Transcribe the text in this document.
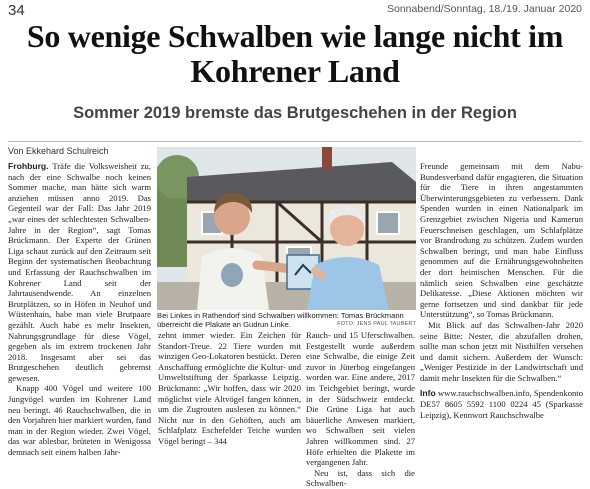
34	Sonnabend/Sonntag, 18./19. Januar 2020
So wenige Schwalben wie lange nicht im Kohrener Land
Sommer 2019 bremste das Brutgeschehen in der Region
Von Ekkehard Schulreich

Frohburg. Träfe die Volksweisheit zu, nach der eine Schwalbe noch keinen Sommer mache, man hätte sich warm anziehen müssen anno 2019. Das Gegenteil war der Fall: Das Jahr 2019 „war eines der schlechtesten Schwalben-Jahre in der Region“, sagt Tomas Brückmann. Der Experte der Grünen Liga schaut zurück auf den Zeitraum seit Beginn der systematischen Beobachtung und Erfassung der Rauchschwalben im Kohrener Land seit der Jahrtausendwende. An einzelnen Brutplätzen, so in Höfen in Neuhof und Wüstenhain, habe man viele Brutpaare gezählt. Auch habe es mehr Insekten, Nahrungsgrundlage für diese Vögel, gegeben als im extrem trockenen Jahr 2018. Insgesamt aber sei das Brutgeschehen deutlich gebremst gewesen.

Knapp 400 Vögel und weitere 100 Jungvögel wurden im Kohrener Land neu beringt. 46 Rauchschwalben, die in den Vorjahren hier markiert wurden, fand man in der Region wieder. Zwei Vögel, das war ablesbar, brüteten in Wenigossa demnach seit einem halben Jahr-

Bei Linkes in Rathendorf sind Schwalben willkommen: Tomas Brückmann überreicht die Plakate an Gudrun Linke.	FOTO: JENS PAUL TAUBERT

zehnt immer wieder. Ein Zeichen für Standort-Treue. 22 Tiere wurden mit winzigen Geo-Lokatoren bestückt. Deren Anschaffung ermöglichte die Kultur- und Umweltstiftung der Sparkasse Leipzig. Brückmann: „Wir hoffen, dass wir 2020 möglichst viele Altvögel fangen können, um die Zugrouten auslesen zu können.“ Nicht nur in den Gehöften, auch am Schlafplatz Eschefelder Teiche wurden Vögel beringt – 344

Rauch- und 15 Uferschwalben. Festgestellt wurde außerdem eine Schwalbe, die einige Zeit zuvor in Jüterbog eingefangen worden war. Eine andere, 2017 im Teichgebiet beringt, wurde in der Südschweiz entdeckt. Die Grüne Liga hat auch bäuerliche Anwesen markiert, wo Schwalben seit vielen Jahren willkommen sind. 27 Höfe erhielten die Plakette im vergangenen Jahr.

Neu ist, dass sich die Schwalben-

Freunde gemeinsam mit dem Nabu-Bundesverband dafür engagieren, die Situation für die Tiere in ihren angestammten Überwinterungsgebieten zu verbessern. Dank Spenden wurden in einen Nationalpark im Grenzgebiet zwischen Nigeria und Kamerun Feuerschneisen geschlagen, um Schlafplätze vor Brandrodung zu schützen. Zudem wurden Schwalben beringt, und man habe Einfluss genommen auf die Ernährungsgewohnheiten der dort heimischen Menschen. Für die nämlich seien Schwalben eine geschätzte Delikatesse. „Diese Aktionen möchten wir gerne fortsetzen und sind dankbar für jede Unterstützung“, so Tomas Brückmann.

Mit Blick auf das Schwalben-Jahr 2020 seine Bitte: Nester, die abzufallen drohen, sollte man schon jetzt mit Nisthilfen versehen und damit sichern. Außerdem der Wunsch: „Weniger Pestizide in der Landwirtschaft und damit mehr Insekten für die Schwalben.“

Info www.rauchschwalben.info, Spendenkonto DE57 8605 5592 1100 0224 45 (Sparkasse Leipzig), Kennwort Rauchschwalbe
